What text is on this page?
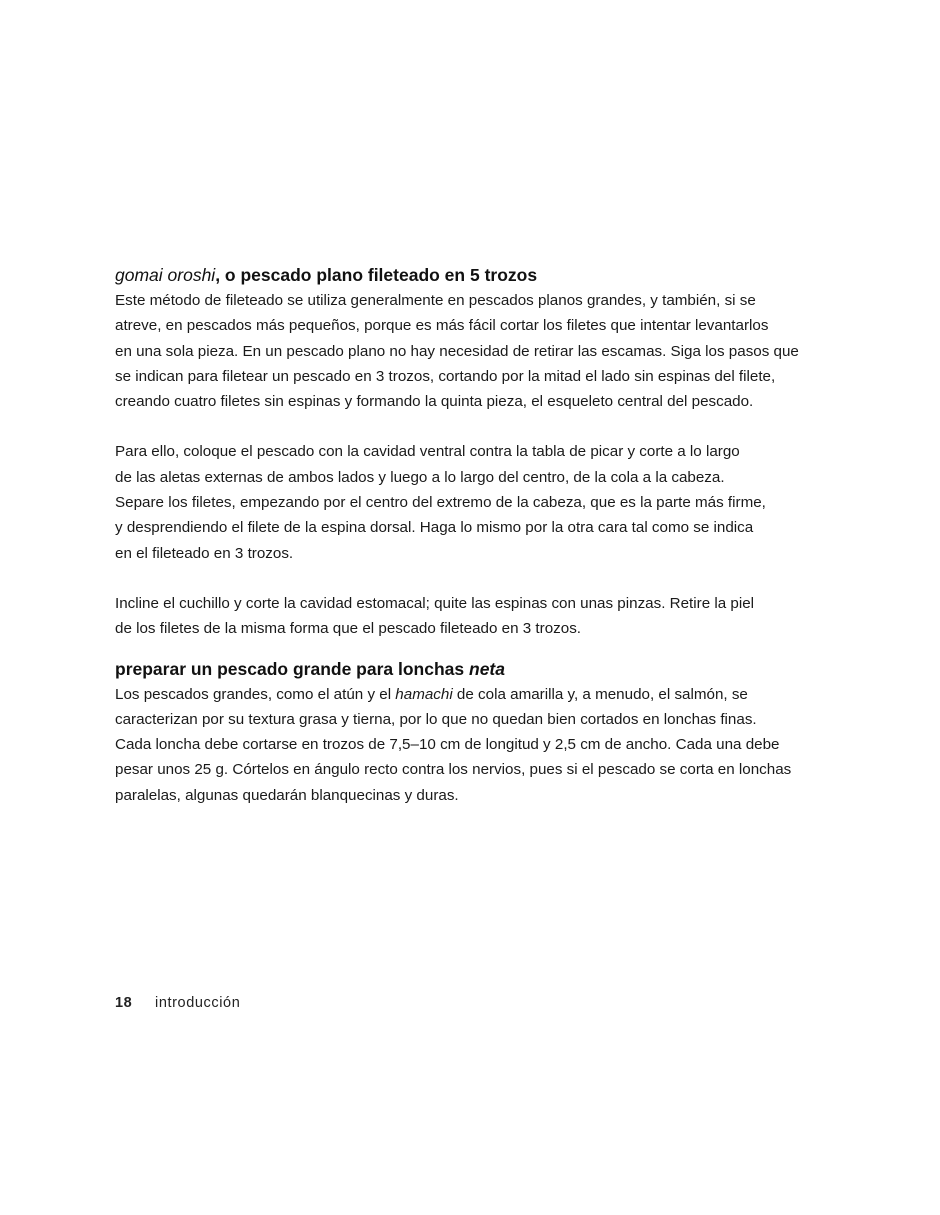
gomai oroshi, o pescado plano fileteado en 5 trozos

Este método de fileteado se utiliza generalmente en pescados planos grandes, y también, si se
atreve, en pescados más pequeños, porque es más fácil cortar los filetes que intentar levantarlos
en una sola pieza. En un pescado plano no hay necesidad de retirar las escamas. Siga los pasos que
se indican para filetear un pescado en 3 trozos, cortando por la mitad el lado sin espinas del filete,
creando cuatro filetes sin espinas y formando la quinta pieza, el esqueleto central del pescado.

Para ello, coloque el pescado con la cavidad ventral contra la tabla de picar y corte a lo largo
de las aletas externas de ambos lados y luego a lo largo del centro, de la cola a la cabeza.
Separe los filetes, empezando por el centro del extremo de la cabeza, que es la parte más firme,
y desprendiendo el filete de la espina dorsal. Haga lo mismo por la otra cara tal como se indica
en el fileteado en 3 trozos.

Incline el cuchillo y corte la cavidad estomacal; quite las espinas con unas pinzas. Retire la piel
de los filetes de la misma forma que el pescado fileteado en 3 trozos.

preparar un pescado grande para lonchas neta

Los pescados grandes, como el atún y el hamachi de cola amarilla y, a menudo, el salmón, se
caracterizan por su textura grasa y tierna, por lo que no quedan bien cortados en lonchas finas.
Cada loncha debe cortarse en trozos de 7,5–10 cm de longitud y 2,5 cm de ancho. Cada una debe
pesar unos 25 g. Córtelos en ángulo recto contra los nervios, pues si el pescado se corta en lonchas
paralelas, algunas quedarán blanquecinas y duras.

18 introducción
